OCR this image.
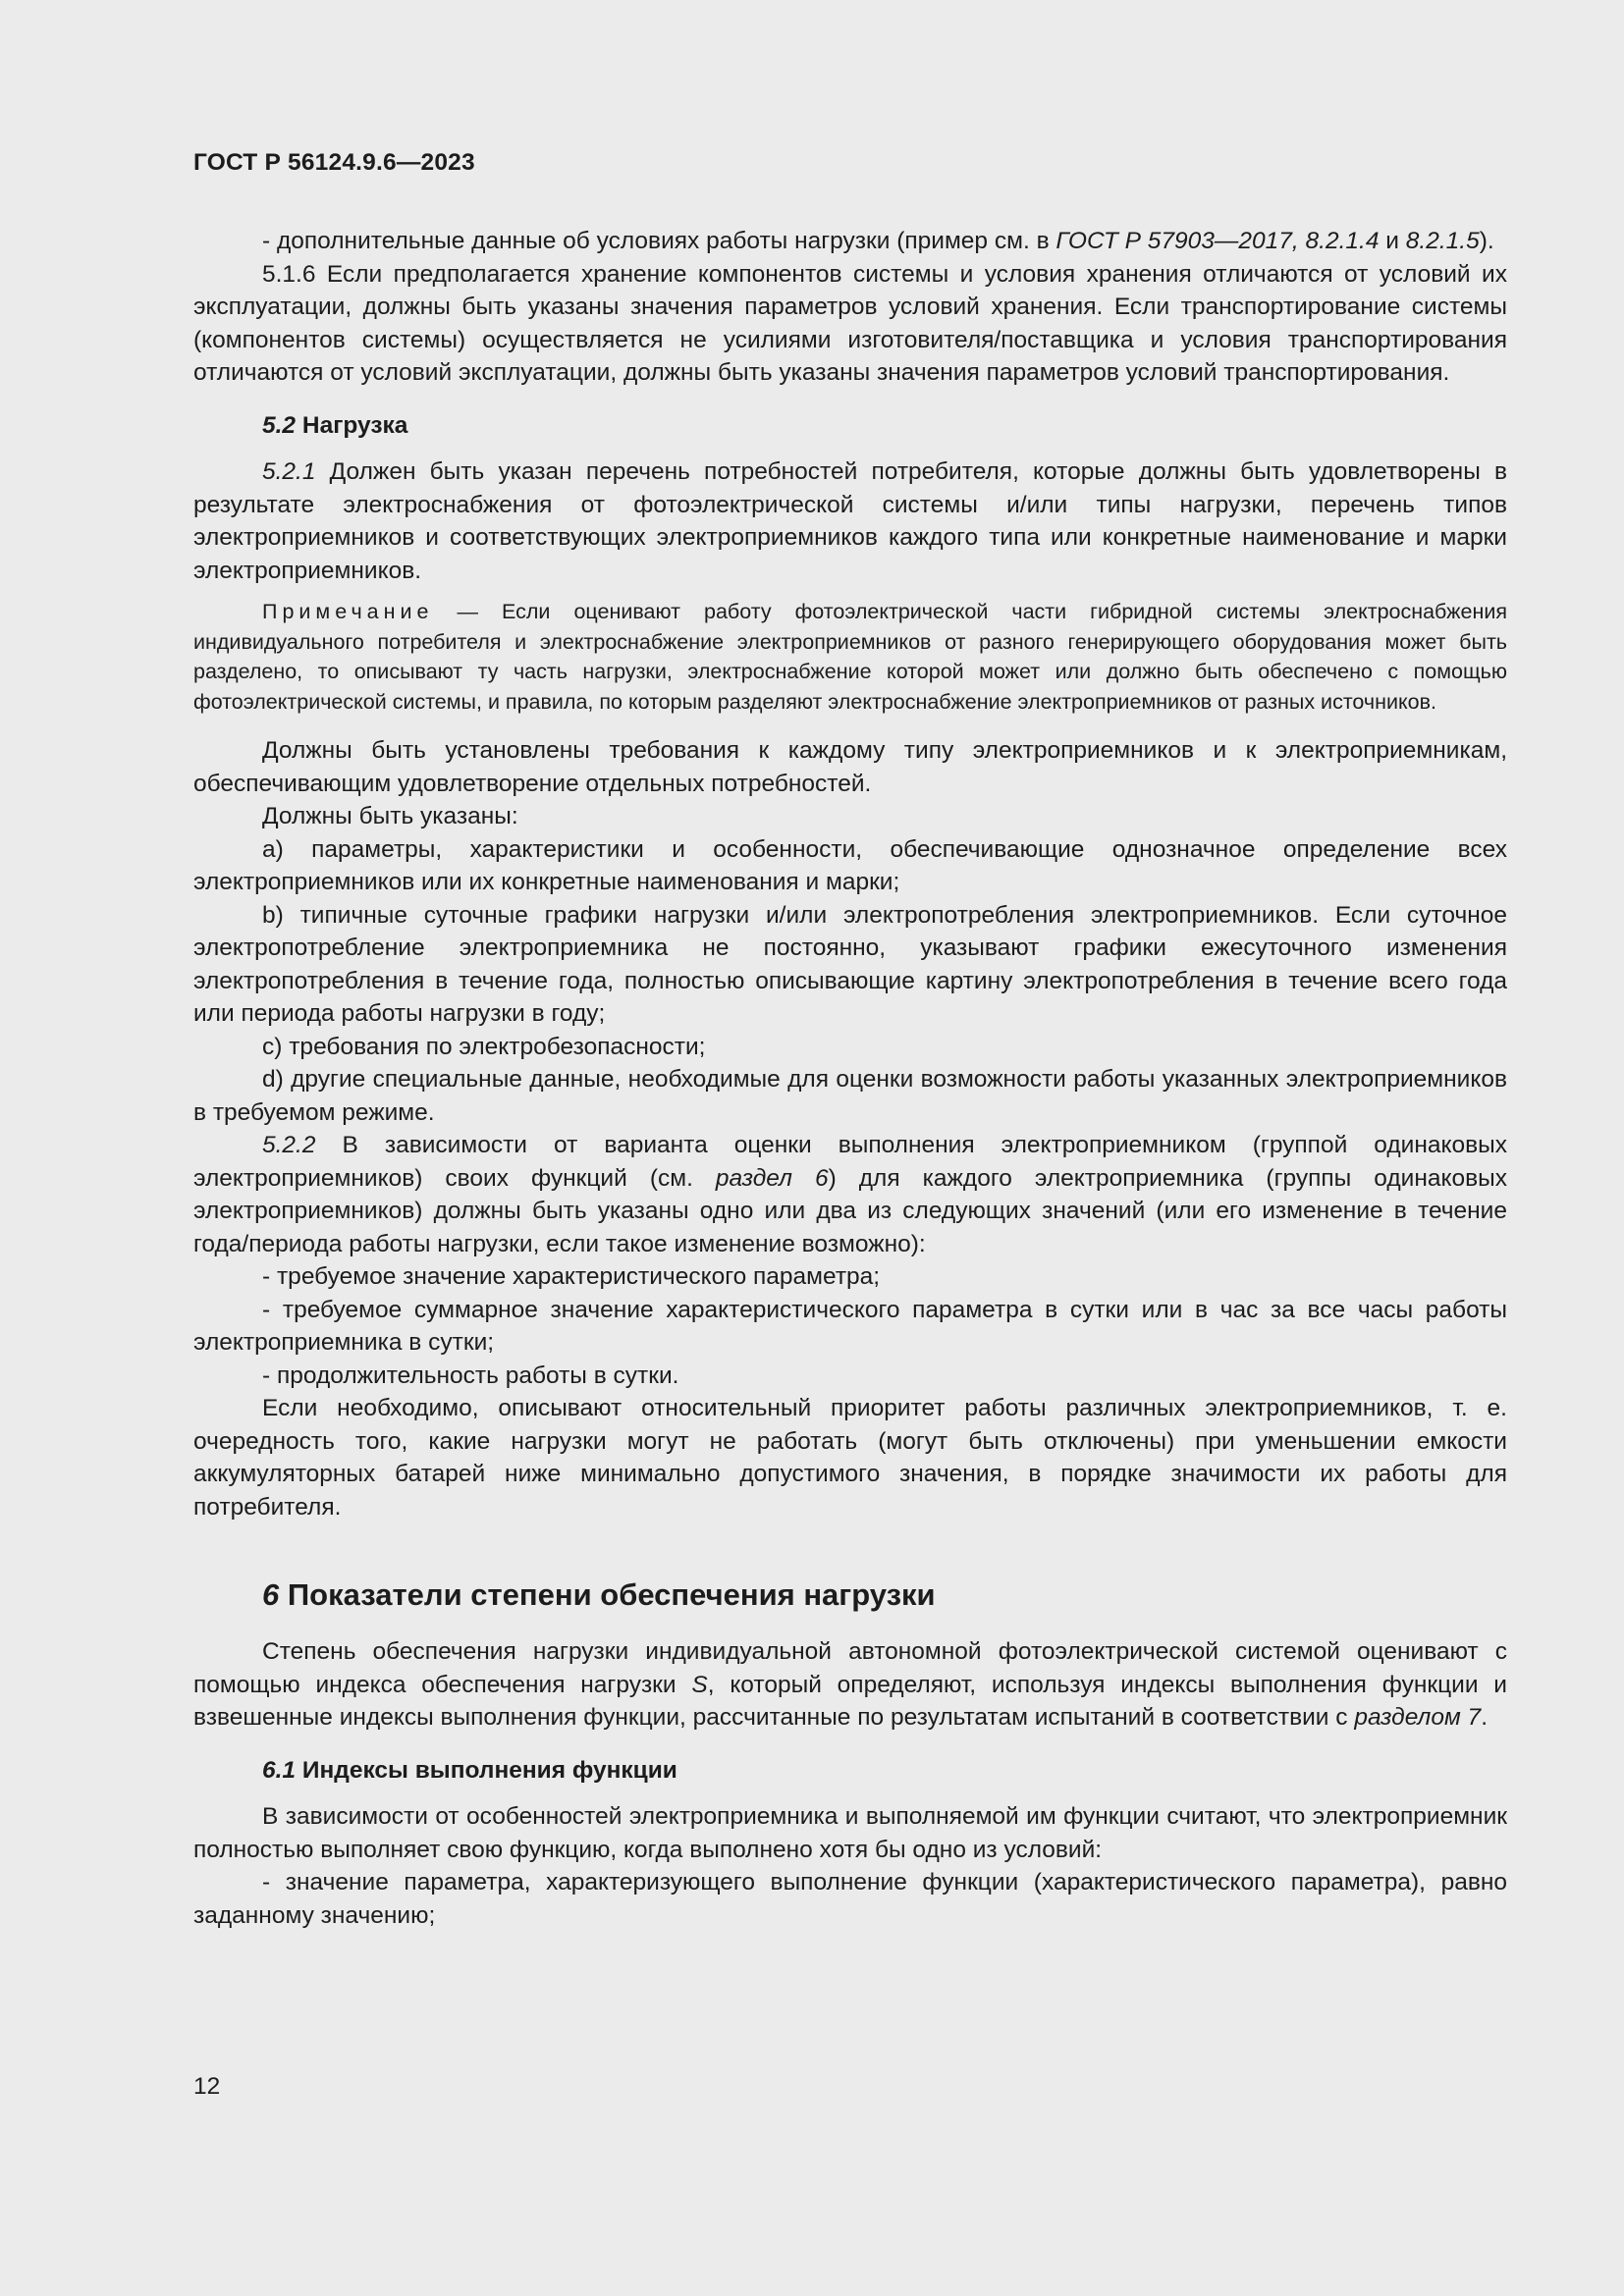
ГОСТ Р 56124.9.6—2023

- дополнительные данные об условиях работы нагрузки (пример см. в ГОСТ Р 57903—2017, 8.2.1.4 и 8.2.1.5).

5.1.6 Если предполагается хранение компонентов системы и условия хранения отличаются от условий их эксплуатации, должны быть указаны значения параметров условий хранения. Если транспортирование системы (компонентов системы) осуществляется не усилиями изготовителя/поставщика и условия транспортирования отличаются от условий эксплуатации, должны быть указаны значения параметров условий транспортирования.

5.2 Нагрузка

5.2.1 Должен быть указан перечень потребностей потребителя, которые должны быть удовлетворены в результате электроснабжения от фотоэлектрической системы и/или типы нагрузки, перечень типов электроприемников и соответствующих электроприемников каждого типа или конкретные наименование и марки электроприемников.

Примечание — Если оценивают работу фотоэлектрической части гибридной системы электроснабжения индивидуального потребителя и электроснабжение электроприемников от разного генерирующего оборудования может быть разделено, то описывают ту часть нагрузки, электроснабжение которой может или должно быть обеспечено с помощью фотоэлектрической системы, и правила, по которым разделяют электроснабжение электроприемников от разных источников.

Должны быть установлены требования к каждому типу электроприемников и к электроприемникам, обеспечивающим удовлетворение отдельных потребностей.

Должны быть указаны:

a) параметры, характеристики и особенности, обеспечивающие однозначное определение всех электроприемников или их конкретные наименования и марки;

b) типичные суточные графики нагрузки и/или электропотребления электроприемников. Если суточное электропотребление электроприемника не постоянно, указывают графики ежесуточного изменения электропотребления в течение года, полностью описывающие картину электропотребления в течение всего года или периода работы нагрузки в году;

c) требования по электробезопасности;

d) другие специальные данные, необходимые для оценки возможности работы указанных электроприемников в требуемом режиме.

5.2.2 В зависимости от варианта оценки выполнения электроприемником (группой одинаковых электроприемников) своих функций (см. раздел 6) для каждого электроприемника (группы одинаковых электроприемников) должны быть указаны одно или два из следующих значений (или его изменение в течение года/периода работы нагрузки, если такое изменение возможно):

- требуемое значение характеристического параметра;

- требуемое суммарное значение характеристического параметра в сутки или в час за все часы работы электроприемника в сутки;

- продолжительность работы в сутки.

Если необходимо, описывают относительный приоритет работы различных электроприемников, т. е. очередность того, какие нагрузки могут не работать (могут быть отключены) при уменьшении емкости аккумуляторных батарей ниже минимально допустимого значения, в порядке значимости их работы для потребителя.

6 Показатели степени обеспечения нагрузки

Степень обеспечения нагрузки индивидуальной автономной фотоэлектрической системой оценивают с помощью индекса обеспечения нагрузки S, который определяют, используя индексы выполнения функции и взвешенные индексы выполнения функции, рассчитанные по результатам испытаний в соответствии с разделом 7.

6.1 Индексы выполнения функции

В зависимости от особенностей электроприемника и выполняемой им функции считают, что электроприемник полностью выполняет свою функцию, когда выполнено хотя бы одно из условий:

- значение параметра, характеризующего выполнение функции (характеристического параметра), равно заданному значению;

12
